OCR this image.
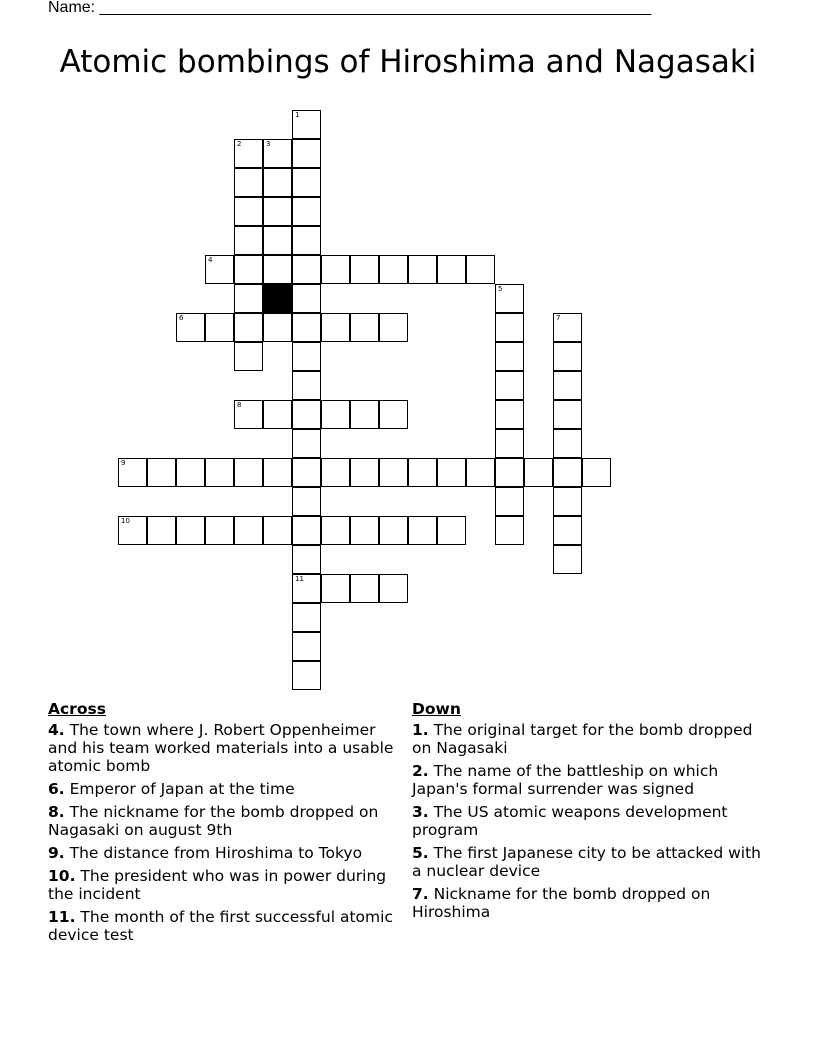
Name: ______________________________________________________________
Atomic bombings of Hiroshima and Nagasaki
1
2	3
4
5
6	7
8
9
10
11
Across
4. The town where J. Robert Oppenheimer and his team worked materials into a usable atomic bomb
6. Emperor of Japan at the time
8. The nickname for the bomb dropped on Nagasaki on august 9th
9. The distance from Hiroshima to Tokyo
10. The president who was in power during the incident
11. The month of the first successful atomic device test
Down
1. The original target for the bomb dropped on Nagasaki
2. The name of the battleship on which Japan's formal surrender was signed
3. The US atomic weapons development program
5. The first Japanese city to be attacked with a nuclear device
7. Nickname for the bomb dropped on Hiroshima
